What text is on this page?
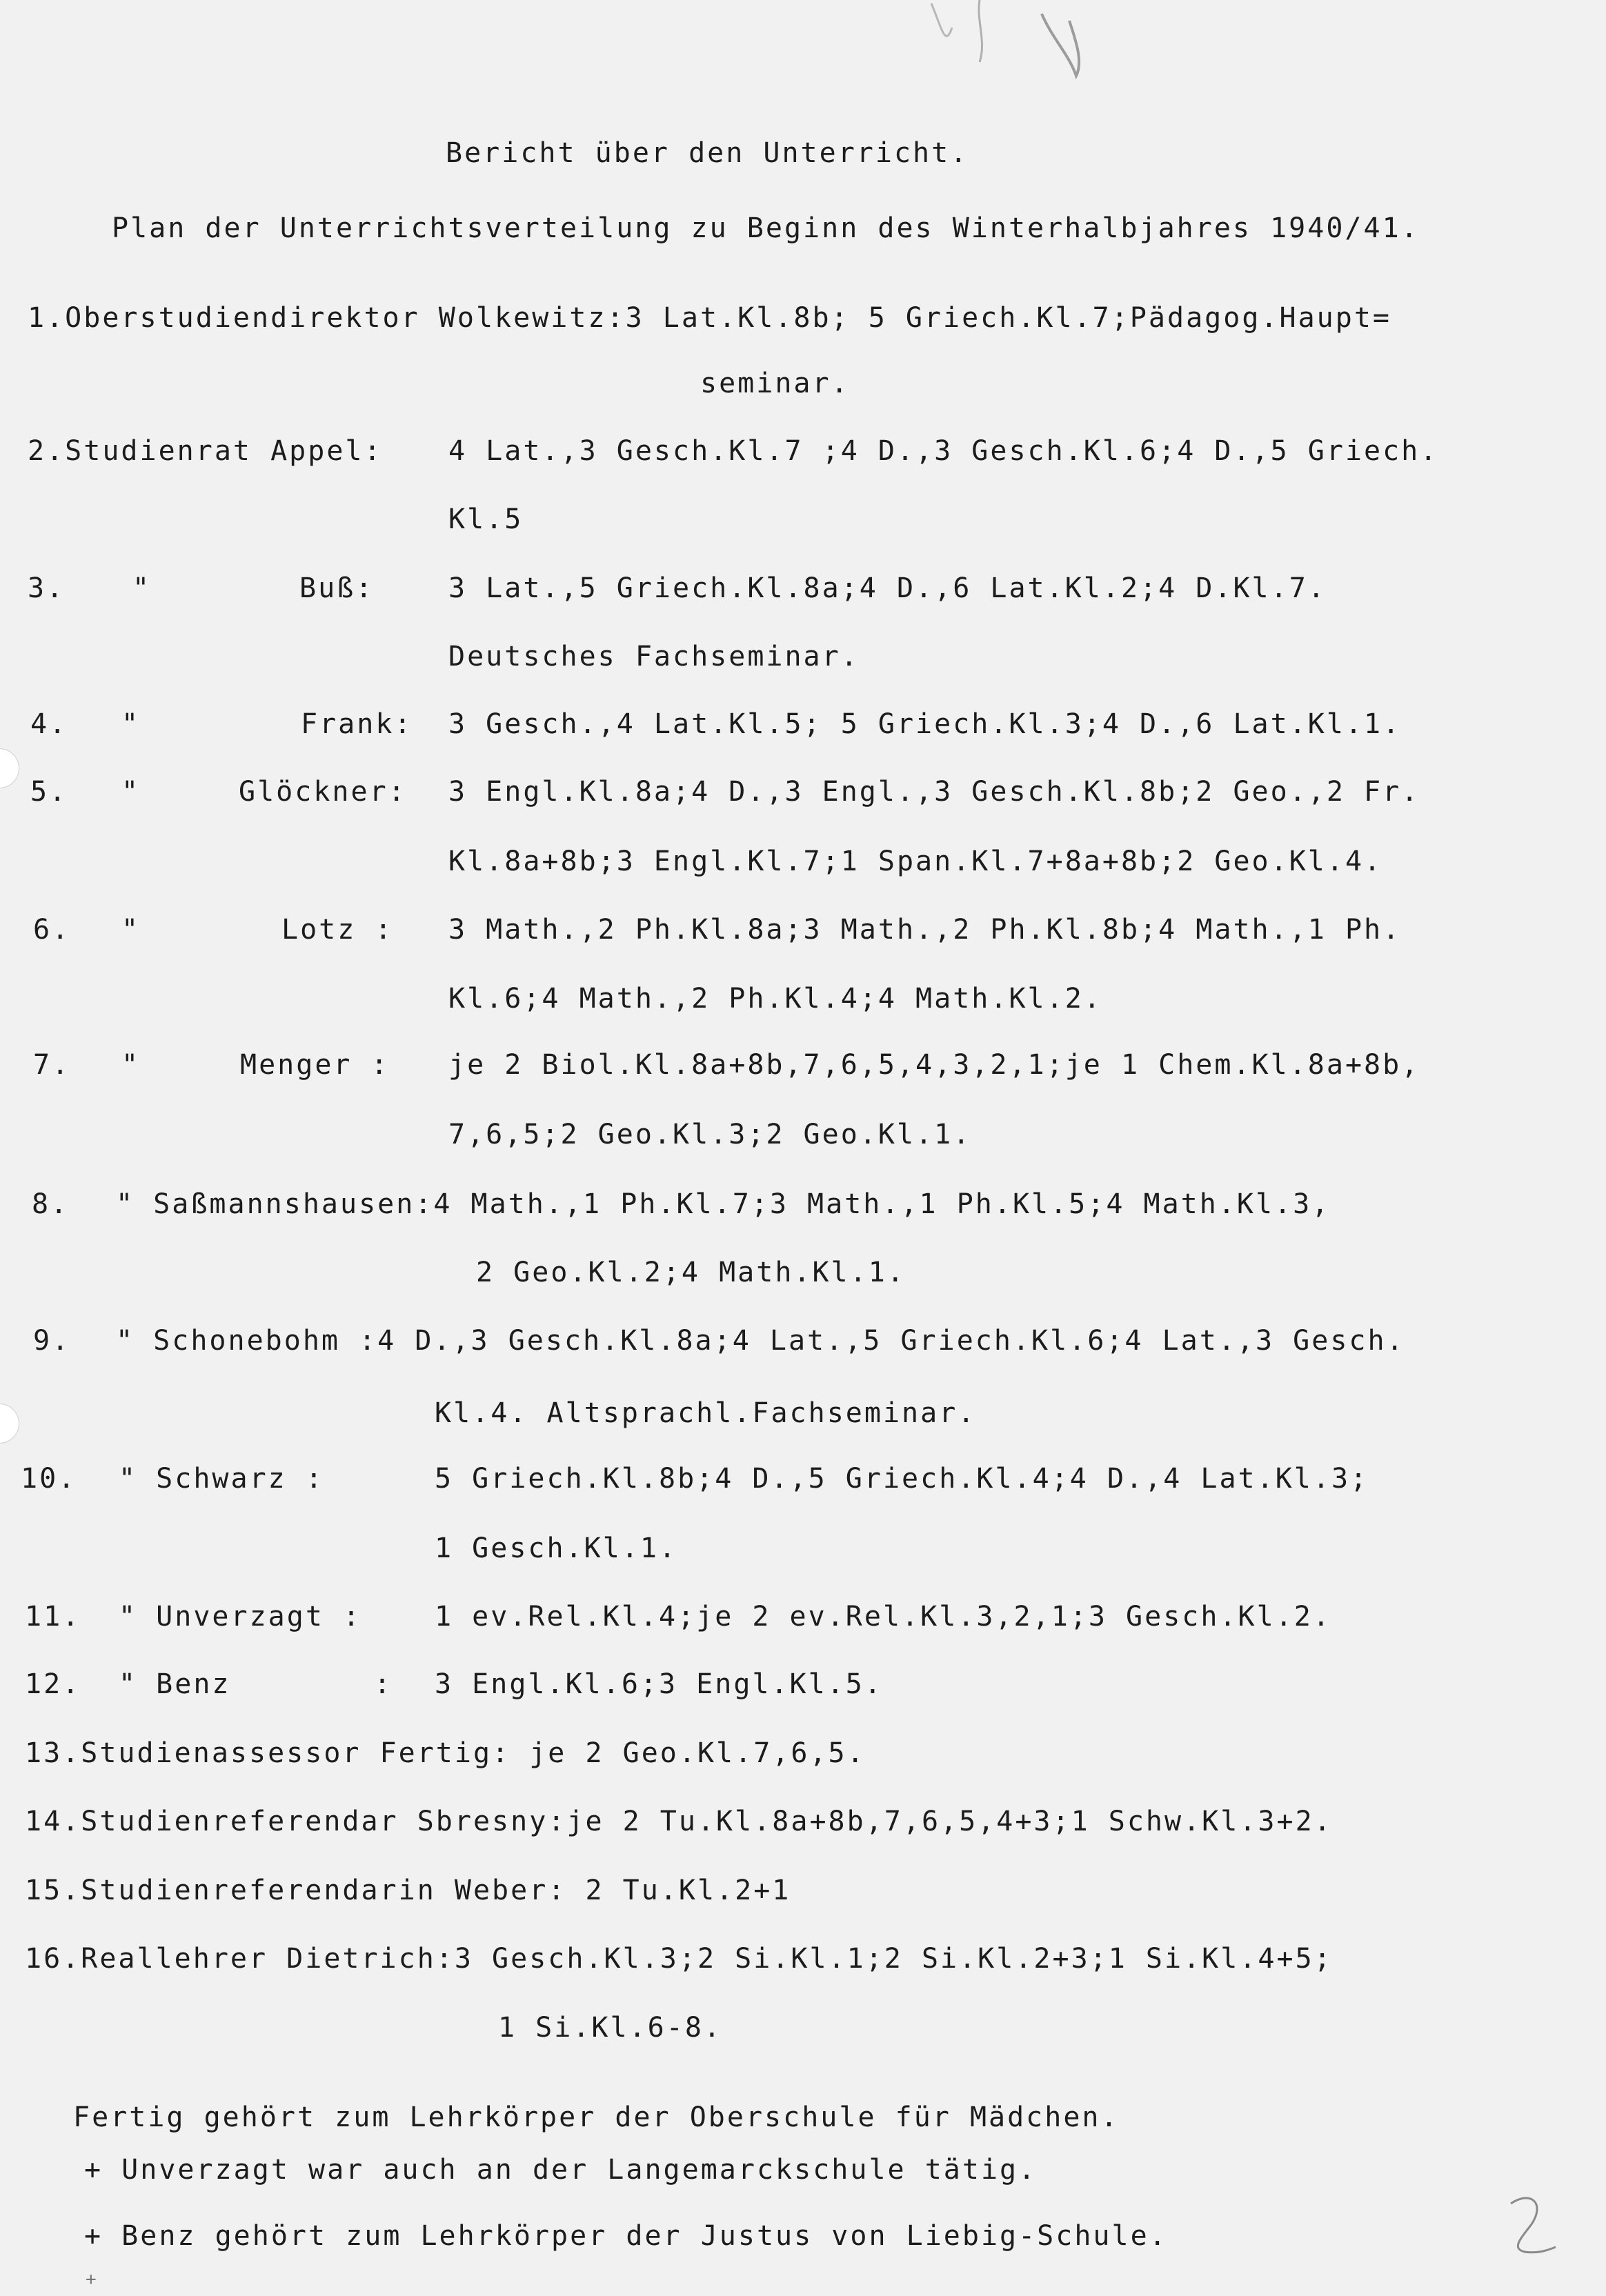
Bericht über den Unterricht.
Plan der Unterrichtsverteilung zu Beginn des Winterhalbjahres 1940/41.
1.Oberstudiendirektor Wolkewitz:3 Lat.Kl.8b; 5 Griech.Kl.7;Pädagog.Haupt=
seminar.
2.Studienrat Appel: 4 Lat.,3 Gesch.Kl.7 ;4 D.,3 Gesch.Kl.6;4 D.,5 Griech.
Kl.5
3. "	Buß:	3 Lat.,5 Griech.Kl.8a;4 D.,6 Lat.Kl.2;4 D.Kl.7.
Deutsches Fachseminar.
4. "	Frank: 3 Gesch.,4 Lat.Kl.5; 5 Griech.Kl.3;4 D.,6 Lat.Kl.1.
5. "	Glöckner: 3 Engl.Kl.8a;4 D.,3 Engl.,3 Gesch.Kl.8b;2 Geo.,2 Fr.
Kl.8a+8b;3 Engl.Kl.7;1 Span.Kl.7+8a+8b;2 Geo.Kl.4.
6. "	Lotz : 3 Math.,2 Ph.Kl.8a;3 Math.,2 Ph.Kl.8b;4 Math.,1 Ph.
Kl.6;4 Math.,2 Ph.Kl.4;4 Math.Kl.2.
7. "	Menger : je 2 Biol.Kl.8a+8b,7,6,5,4,3,2,1;je 1 Chem.Kl.8a+8b,
7,6,5;2 Geo.Kl.3;2 Geo.Kl.1.
8. " Saßmannshausen:4 Math.,1 Ph.Kl.7;3 Math.,1 Ph.Kl.5;4 Math.Kl.3,
2 Geo.Kl.2;4 Math.Kl.1.
9. " Schonebohm :4 D.,3 Gesch.Kl.8a;4 Lat.,5 Griech.Kl.6;4 Lat.,3 Gesch.
Kl.4. Altsprachl.Fachseminar.
10. " Schwarz :	5 Griech.Kl.8b;4 D.,5 Griech.Kl.4;4 D.,4 Lat.Kl.3;
1 Gesch.Kl.1.
11. " Unverzagt :	1 ev.Rel.Kl.4;je 2 ev.Rel.Kl.3,2,1;3 Gesch.Kl.2.
12. " Benz	: 3 Engl.Kl.6;3 Engl.Kl.5.
13.Studienassessor Fertig: je 2 Geo.Kl.7,6,5.
14.Studienreferendar Sbresny:je 2 Tu.Kl.8a+8b,7,6,5,4+3;1 Schw.Kl.3+2.
15.Studienreferendarin Weber: 2 Tu.Kl.2+1
16.Reallehrer Dietrich:3 Gesch.Kl.3;2 Si.Kl.1;2 Si.Kl.2+3;1 Si.Kl.4+5;
1 Si.Kl.6-8.
Fertig gehört zum Lehrkörper der Oberschule für Mädchen.
+ Unverzagt war auch an der Langemarckschule tätig.
+ Benz gehört zum Lehrkörper der Justus von Liebig-Schule.
+
